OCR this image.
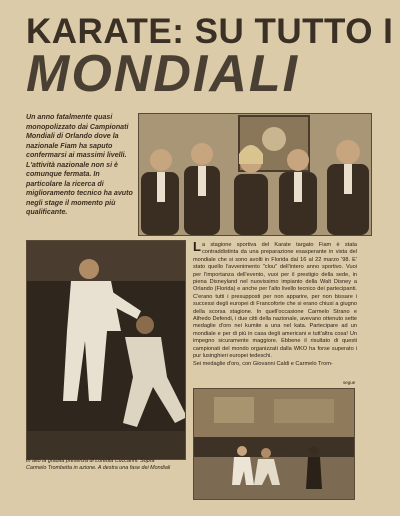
KARATE: SU TUTTO I
MONDIALI
Un anno fatalmente quasi monopolizzato dai Campionati Mondiali di Orlando dove la nazionale Fiam ha saputo confermarsi ai massimi livelli. L'attività nazionale non si è comunque fermata. In particolare la ricerca di miglioramento tecnico ha avuto negli stage il momento più qualificante.
La stagione sportiva del Karate targato Fiam è stata contraddistinta da una preparazione esasperante in vista del mondiale che si sono avolti in Florida dal 16 al 22 marzo '98. E' stato quello l'avvenimento "clou" dell'intero anno sportivo. Vuoi per l'importanza dell'evento, vuoi per il prestigio della sede, in piena Disneyland nel nuovissimo impianto della Walt Disney a Orlando (Florida) e anche per l'alto livello tecnico dei partecipanti. C'erano tutti i presupposti per non apparire, per non bissare i successi degli europei di Francoforte che si erano chiusi a giugno della scorsa stagione. In quell'occasione Carmelo Strano e Alfredo Defendi, i due citti della nazionale, avevano ottenuto sette medaglie d'oro nei kumite a una nel kata. Partecipare ad un mondiale e per di più in casa degli americani e tutt'altra cosa! Un impegno sicuramente maggiore. Ebbene il risultato di questi campionati del mondo organizzati dalla WKO ha forse superato i pur lusinghieri europei tedeschi.
Sei medaglie d'oro, con Giovanni Caldi e Carmelo Trom-
segue
In alto la gradita presenza di Loredia Cuccarini. Sopra Carmelo Trombetta in azione. A destra una fase dei Mondiali
